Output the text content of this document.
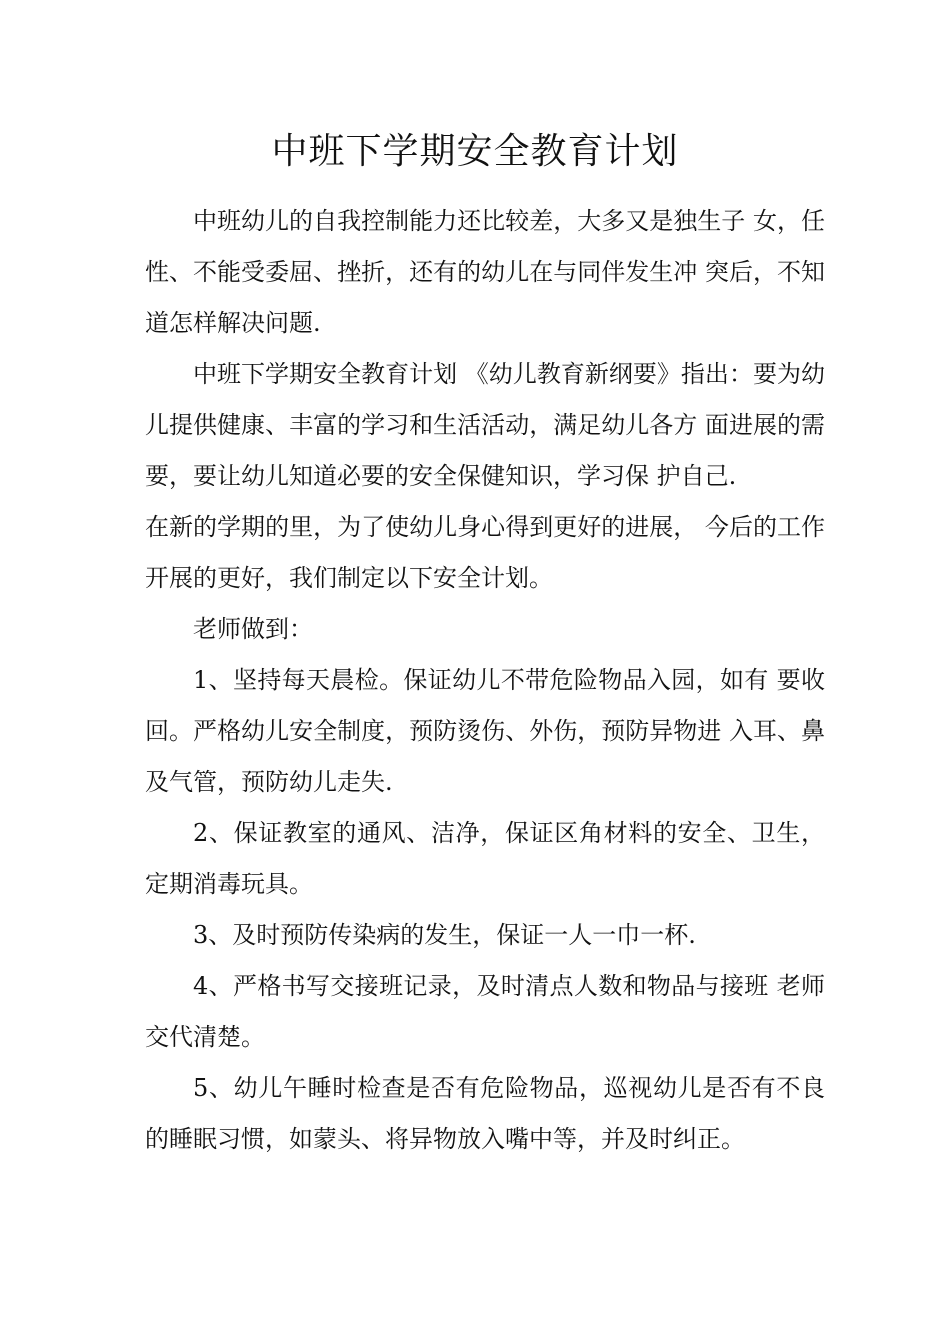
中班下学期安全教育计划

中班幼儿的自我控制能力还比较差，大多又是独生子 女，任性、不能受委屈、挫折，还有的幼儿在与同伴发生冲 突后，不知道怎样解决问题.

中班下学期安全教育计划 《幼儿教育新纲要》指出：要为幼儿提供健康、丰富的学习和生活活动，满足幼儿各方 面进展的需要，要让幼儿知道必要的安全保健知识，学习保 护自己.

在新的学期的里，为了使幼儿身心得到更好的进展， 今后的工作开展的更好，我们制定以下安全计划。

老师做到：

1、坚持每天晨检。保证幼儿不带危险物品入园，如有 要收回。严格幼儿安全制度，预防烫伤、外伤，预防异物进 入耳、鼻及气管，预防幼儿走失.

2、保证教室的通风、洁净，保证区角材料的安全、卫生，定期消毒玩具。

3、及时预防传染病的发生，保证一人一巾一杯.

4、严格书写交接班记录，及时清点人数和物品与接班 老师交代清楚。

5、幼儿午睡时检查是否有危险物品，巡视幼儿是否有不良的睡眠习惯，如蒙头、将异物放入嘴中等，并及时纠正。
